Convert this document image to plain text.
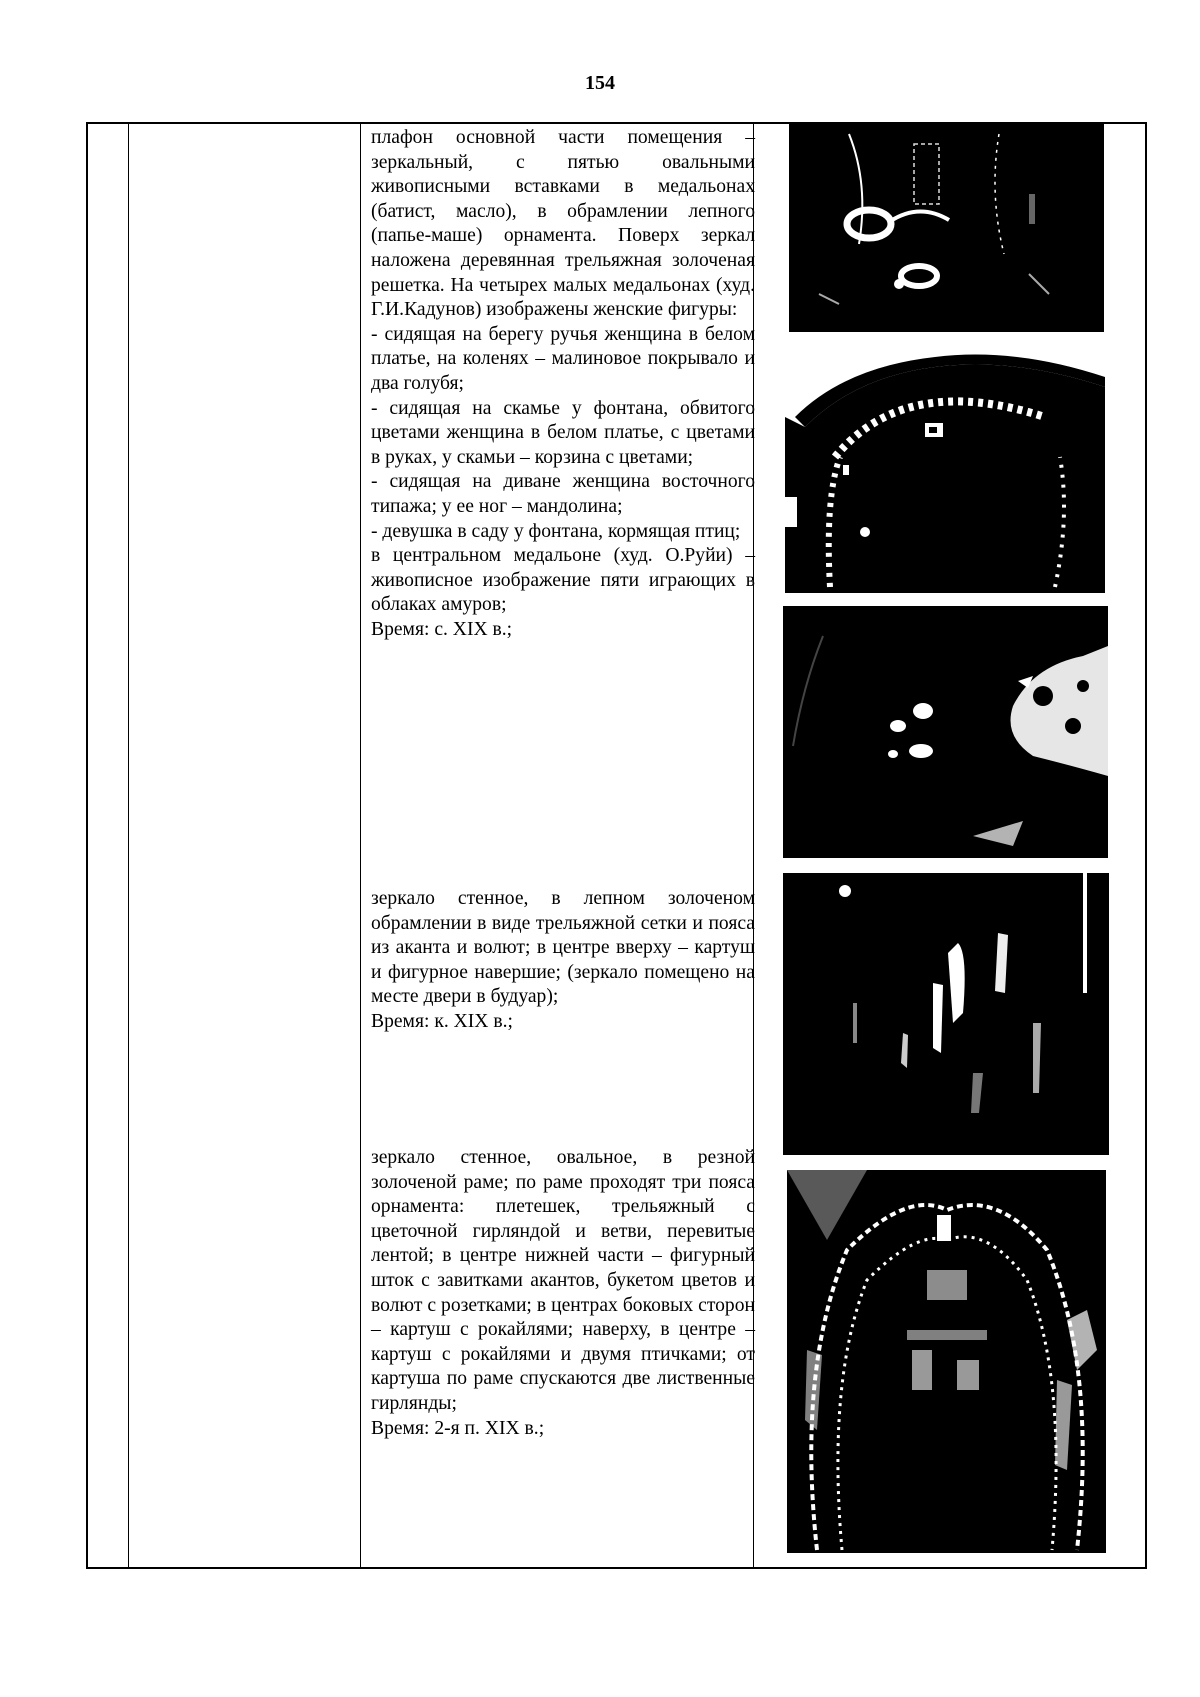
154

плафон основной части помещения – зеркальный, с пятью овальными живописными вставками в медальонах (батист, масло), в обрамлении лепного (папье-маше) орнамента. Поверх зеркал наложена деревянная трельяжная золоченая решетка. На четырех малых медальонах (худ. Г.И.Кадунов) изображены женские фигуры:

- сидящая на берегу ручья женщина в белом платье, на коленях – малиновое покрывало и два голубя;

- сидящая на скамье у фонтана, обвитого цветами женщина в белом платье, с цветами в руках, у скамьи – корзина с цветами;

- сидящая на диване женщина восточного типажа; у ее ног – мандолина;

- девушка в саду у фонтана, кормящая птиц;

в центральном медальоне (худ. О.Руйи) – живописное изображение пяти играющих в облаках амуров;

Время: с. XIX в.;

зеркало стенное, в лепном золоченом обрамлении в виде трельяжной сетки и пояса из аканта и волют; в центре вверху – картуш и фигурное навершие; (зеркало помещено на месте двери в будуар);

Время: к. XIX в.;

зеркало стенное, овальное, в резной золоченой раме; по раме проходят три пояса орнамента: плетешек, трельяжный с цветочной гирляндой и ветви, перевитые лентой; в центре нижней части – фигурный шток с завитками акантов, букетом цветов и волют с розетками; в центрах боковых сторон – картуш с рокайлями; наверху, в центре – картуш с рокайлями и двумя птичками; от картуша по раме спускаются две лиственные гирлянды;

Время: 2-я п. XIX в.;
